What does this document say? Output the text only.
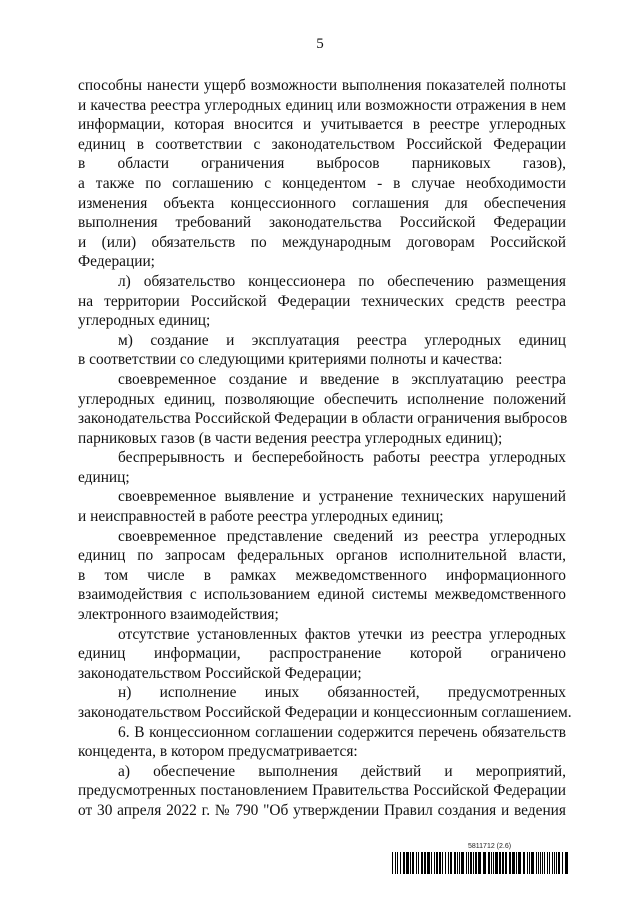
5
способны нанести ущерб возможности выполнения показателей полноты
и качества реестра углеродных единиц или возможности отражения в нем
информации, которая вносится и учитывается в реестре углеродных
единиц в соответствии с законодательством Российской Федерации
в области ограничения выбросов парниковых газов),
а также по соглашению с концедентом - в случае необходимости
изменения объекта концессионного соглашения для обеспечения
выполнения требований законодательства Российской Федерации
и (или) обязательств по международным договорам Российской
Федерации;
л) обязательство концессионера по обеспечению размещения
на территории Российской Федерации технических средств реестра
углеродных единиц;
м) создание и эксплуатация реестра углеродных единиц
в соответствии со следующими критериями полноты и качества:
своевременное создание и введение в эксплуатацию реестра
углеродных единиц, позволяющие обеспечить исполнение положений
законодательства Российской Федерации в области ограничения выбросов
парниковых газов (в части ведения реестра углеродных единиц);
беспрерывность и бесперебойность работы реестра углеродных
единиц;
своевременное выявление и устранение технических нарушений
и неисправностей в работе реестра углеродных единиц;
своевременное представление сведений из реестра углеродных
единиц по запросам федеральных органов исполнительной власти,
в том числе в рамках межведомственного информационного
взаимодействия с использованием единой системы межведомственного
электронного взаимодействия;
отсутствие установленных фактов утечки из реестра углеродных
единиц информации, распространение которой ограничено
законодательством Российской Федерации;
н) исполнение иных обязанностей, предусмотренных
законодательством Российской Федерации и концессионным соглашением.
6. В концессионном соглашении содержится перечень обязательств
концедента, в котором предусматривается:
а) обеспечение выполнения действий и мероприятий,
предусмотренных постановлением Правительства Российской Федерации
от 30 апреля 2022 г. № 790 "Об утверждении Правил создания и ведения
5811712 (2.6)
